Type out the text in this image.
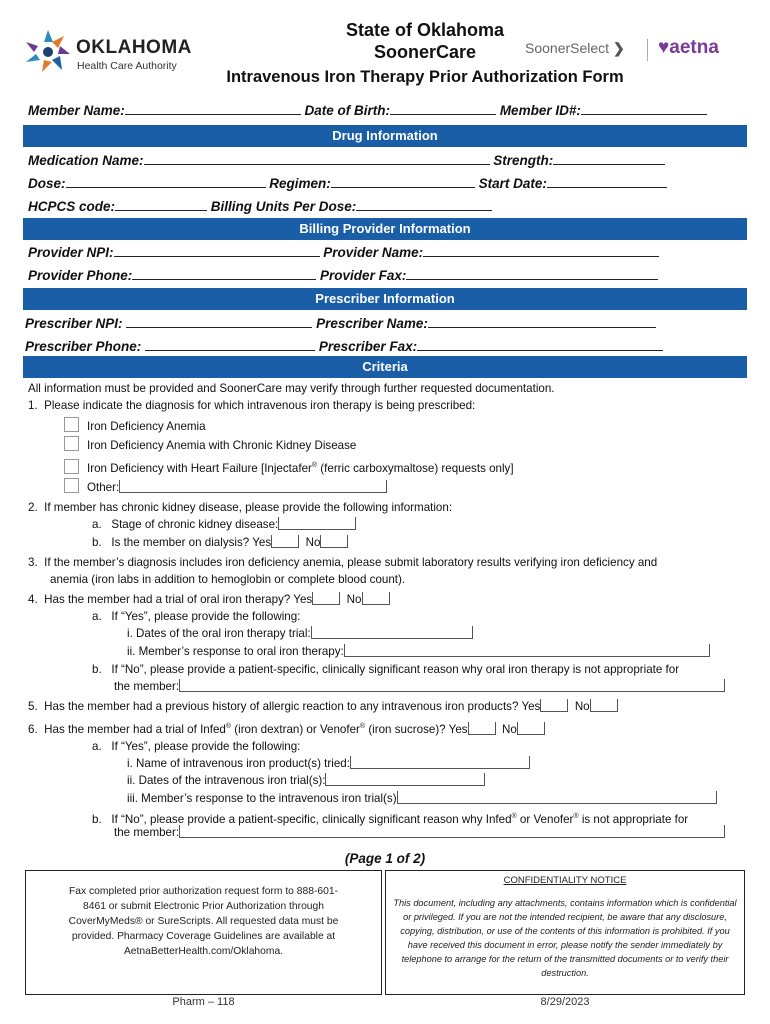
OKLAHOMA
Health Care Authority
State of Oklahoma
SoonerCare
Intravenous Iron Therapy Prior Authorization Form
SoonerSelect ❯ ♥aetna
Member Name:	Date of Birth:	Member ID#:
Drug Information
Medication Name:	Strength:
Dose:	Regimen:	Start Date:
HCPCS code:	Billing Units Per Dose:
Billing Provider Information
Provider NPI:	Provider Name:
Provider Phone:	Provider Fax:
Prescriber Information
Prescriber NPI:	Prescriber Name:
Prescriber Phone:	Prescriber Fax:
Criteria
All information must be provided and SoonerCare may verify through further requested documentation.
1.  Please indicate the diagnosis for which intravenous iron therapy is being prescribed:
Iron Deficiency Anemia
Iron Deficiency Anemia with Chronic Kidney Disease
Iron Deficiency with Heart Failure [Injectafer® (ferric carboxymaltose) requests only]
Other:
2.  If member has chronic kidney disease, please provide the following information:
a.   Stage of chronic kidney disease:
b.   Is the member on dialysis? Yes	No
3.  If the member’s diagnosis includes iron deficiency anemia, please submit laboratory results verifying iron deficiency and
anemia (iron labs in addition to hemoglobin or complete blood count).
4.  Has the member had a trial of oral iron therapy? Yes	No
a.   If “Yes”, please provide the following:
i. Dates of the oral iron therapy trial:
ii. Member’s response to oral iron therapy:
b.   If “No”, please provide a patient-specific, clinically significant reason why oral iron therapy is not appropriate for
the member:
5.  Has the member had a previous history of allergic reaction to any intravenous iron products? Yes	No
6.  Has the member had a trial of Infed® (iron dextran) or Venofer® (iron sucrose)? Yes	No
a.   If “Yes”, please provide the following:
i. Name of intravenous iron product(s) tried:
ii. Dates of the intravenous iron trial(s):
iii. Member’s response to the intravenous iron trial(s)
b.   If “No”, please provide a patient-specific, clinically significant reason why Infed® or Venofer® is not appropriate for
the member:
(Page 1 of 2)
Fax completed prior authorization request form to 888-601-8461 or submit Electronic Prior Authorization through CoverMyMeds® or SureScripts. All requested data must be provided. Pharmacy Coverage Guidelines are available at AetnaBetterHealth.com/Oklahoma.
CONFIDENTIALITY NOTICE
This document, including any attachments, contains information which is confidential or privileged. If you are not the intended recipient, be aware that any disclosure, copying, distribution, or use of the contents of this information is prohibited. If you have received this document in error, please notify the sender immediately by telephone to arrange for the return of the transmitted documents or to verify their destruction.
Pharm – 118	8/29/2023
